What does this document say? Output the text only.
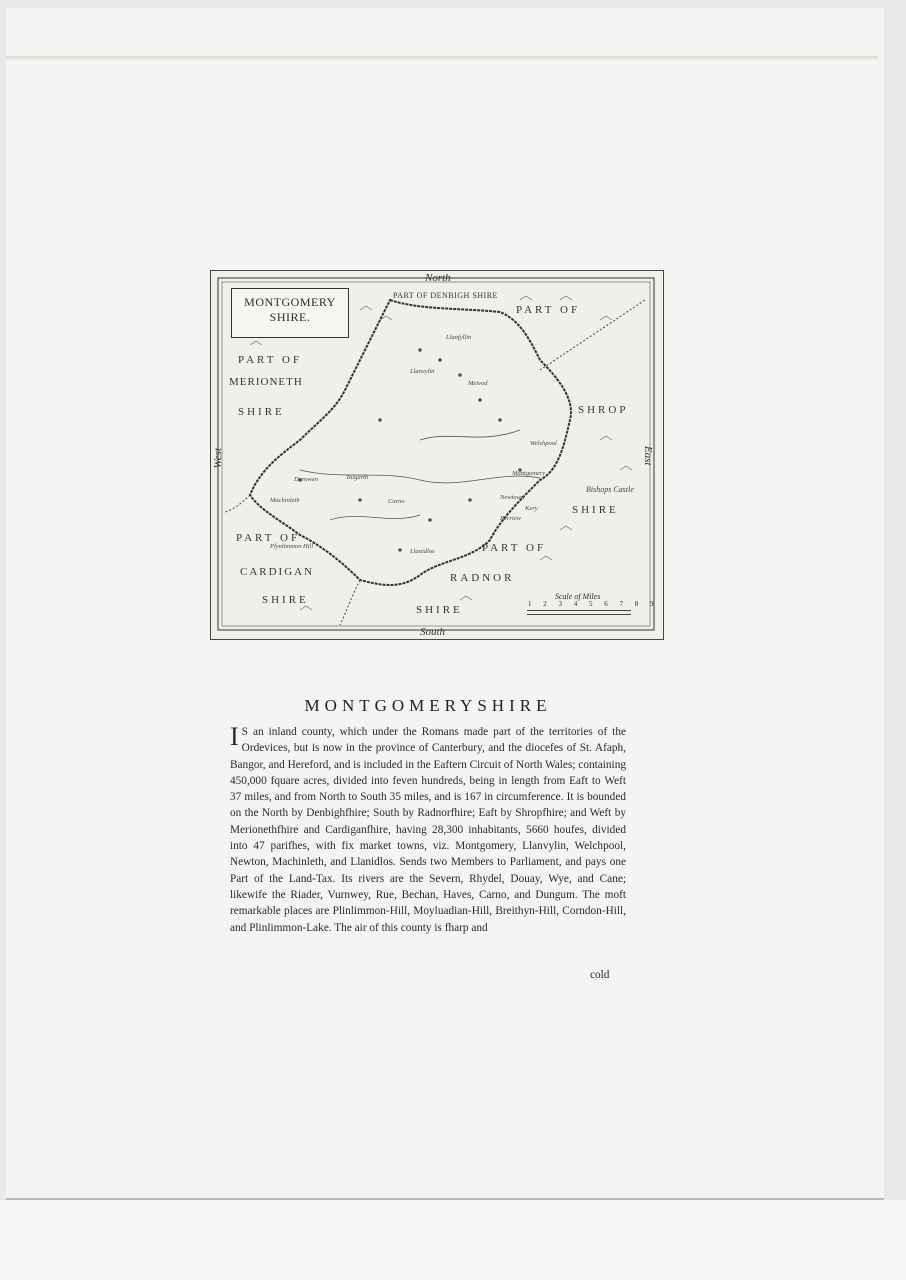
North
South
East
West
MONTGOMERY
SHIRE.
PART OF DENBIGH SHIRE
PART OF
SHROP
SHIRE
PART OF
MERIONETH
SHIRE
PART OF
CARDIGAN
SHIRE
PART OF
RADNOR
SHIRE
Bishops Castle
Plynlimmon Hill
Llanfyllin
Llanvylin
Welshpool
Montgomery
Newtown
Llanidlos
Machinleth
Meivod
Berriew
Kery
Darowen	Talgarth
Carno
Scale of Miles
1 2 3 4 5 6 7 8 9
MONTGOMERYSHIRE
I S an inland county, which under the Romans made part of the territories of the Ordevices, but is now in the province of Canterbury, and the diocefes of St. Afaph, Bangor, and Hereford, and is included in the Eaftern Circuit of North Wales; containing 450,000 fquare acres, divided into feven hundreds, being in length from Eaft to Weft 37 miles, and from North to South 35 miles, and is 167 in circumference. It is bounded on the North by Denbighfhire; South by Radnorfhire; Eaft by Shropfhire; and Weft by Merionethfhire and Cardiganfhire, having 28,300 inhabitants, 5660 houfes, divided into 47 parifhes, with fix market towns, viz. Montgomery, Llanvylin, Welchpool, Newton, Machinleth, and Llanidlos. Sends two Members to Parliament, and pays one Part of the Land-Tax. Its rivers are the Severn, Rhydel, Douay, Wye, and Cane; likewife the Riader, Vurnwey, Rue, Bechan, Haves, Carno, and Dungum. The moft remarkable places are Plinlimmon-Hill, Moyluadian-Hill, Breithyn-Hill, Corndon-Hill, and Plinlimmon-Lake. The air of this county is fharp and
cold
